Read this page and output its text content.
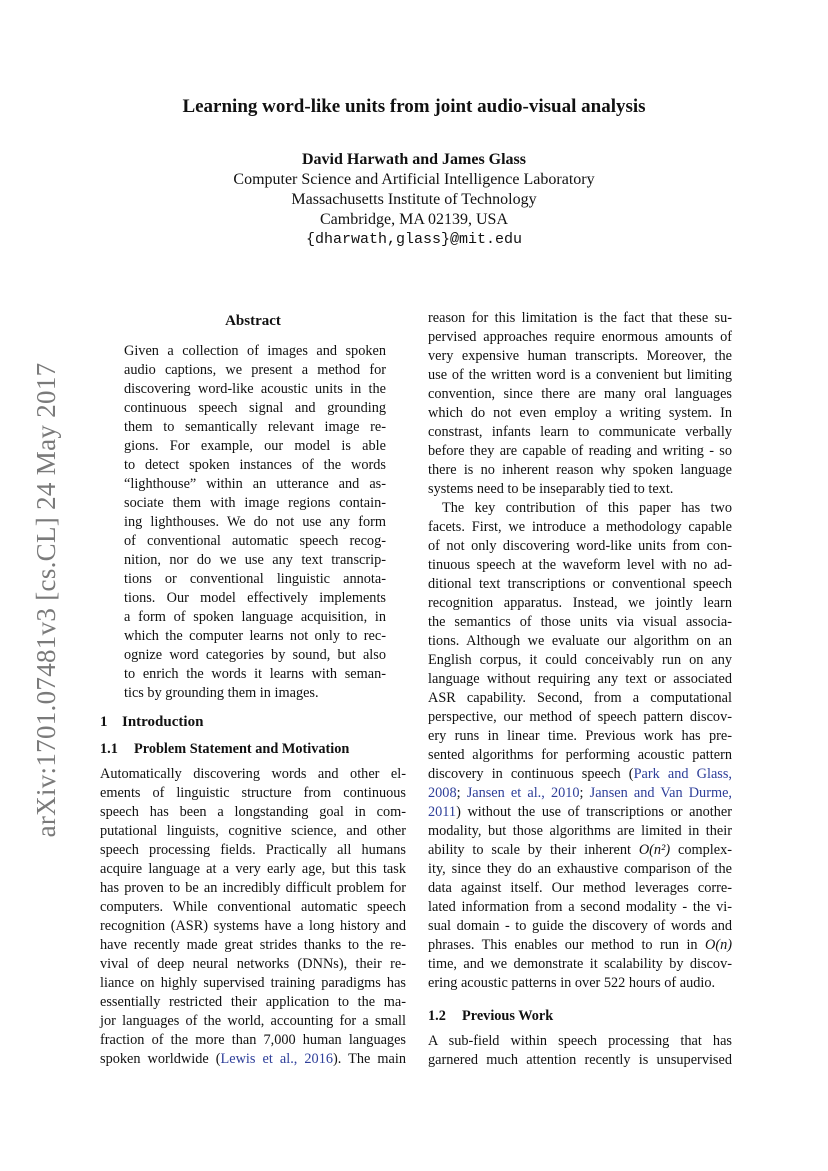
arXiv:1701.07481v3 [cs.CL] 24 May 2017
Learning word-like units from joint audio-visual analysis
David Harwath and James Glass
Computer Science and Artificial Intelligence Laboratory
Massachusetts Institute of Technology
Cambridge, MA 02139, USA
{dharwath,glass}@mit.edu
Abstract
Given a collection of images and spoken
audio captions, we present a method for
discovering word-like acoustic units in the
continuous speech signal and grounding
them to semantically relevant image re-
gions. For example, our model is able
to detect spoken instances of the words
“lighthouse” within an utterance and as-
sociate them with image regions contain-
ing lighthouses. We do not use any form
of conventional automatic speech recog-
nition, nor do we use any text transcrip-
tions or conventional linguistic annota-
tions. Our model effectively implements
a form of spoken language acquisition, in
which the computer learns not only to rec-
ognize word categories by sound, but also
to enrich the words it learns with seman-
tics by grounding them in images.
1 Introduction
1.1	Problem Statement and Motivation
Automatically discovering words and other el-
ements of linguistic structure from continuous
speech has been a longstanding goal in com-
putational linguists, cognitive science, and other
speech processing fields. Practically all humans
acquire language at a very early age, but this task
has proven to be an incredibly difficult problem for
computers. While conventional automatic speech
recognition (ASR) systems have a long history and
have recently made great strides thanks to the re-
vival of deep neural networks (DNNs), their re-
liance on highly supervised training paradigms has
essentially restricted their application to the ma-
jor languages of the world, accounting for a small
fraction of the more than 7,000 human languages
spoken worldwide (Lewis et al., 2016). The main
reason for this limitation is the fact that these su-
pervised approaches require enormous amounts of
very expensive human transcripts. Moreover, the
use of the written word is a convenient but limiting
convention, since there are many oral languages
which do not even employ a writing system. In
constrast, infants learn to communicate verbally
before they are capable of reading and writing - so
there is no inherent reason why spoken language
systems need to be inseparably tied to text.
The key contribution of this paper has two
facets. First, we introduce a methodology capable
of not only discovering word-like units from con-
tinuous speech at the waveform level with no ad-
ditional text transcriptions or conventional speech
recognition apparatus. Instead, we jointly learn
the semantics of those units via visual associa-
tions. Although we evaluate our algorithm on an
English corpus, it could conceivably run on any
language without requiring any text or associated
ASR capability. Second, from a computational
perspective, our method of speech pattern discov-
ery runs in linear time. Previous work has pre-
sented algorithms for performing acoustic pattern
discovery in continuous speech (Park and Glass,
2008; Jansen et al., 2010; Jansen and Van Durme,
2011) without the use of transcriptions or another
modality, but those algorithms are limited in their
ability to scale by their inherent O(n²) complex-
ity, since they do an exhaustive comparison of the
data against itself. Our method leverages corre-
lated information from a second modality - the vi-
sual domain - to guide the discovery of words and
phrases. This enables our method to run in O(n)
time, and we demonstrate it scalability by discov-
ering acoustic patterns in over 522 hours of audio.
1.2	Previous Work
A sub-field within speech processing that has
garnered much attention recently is unsupervised
